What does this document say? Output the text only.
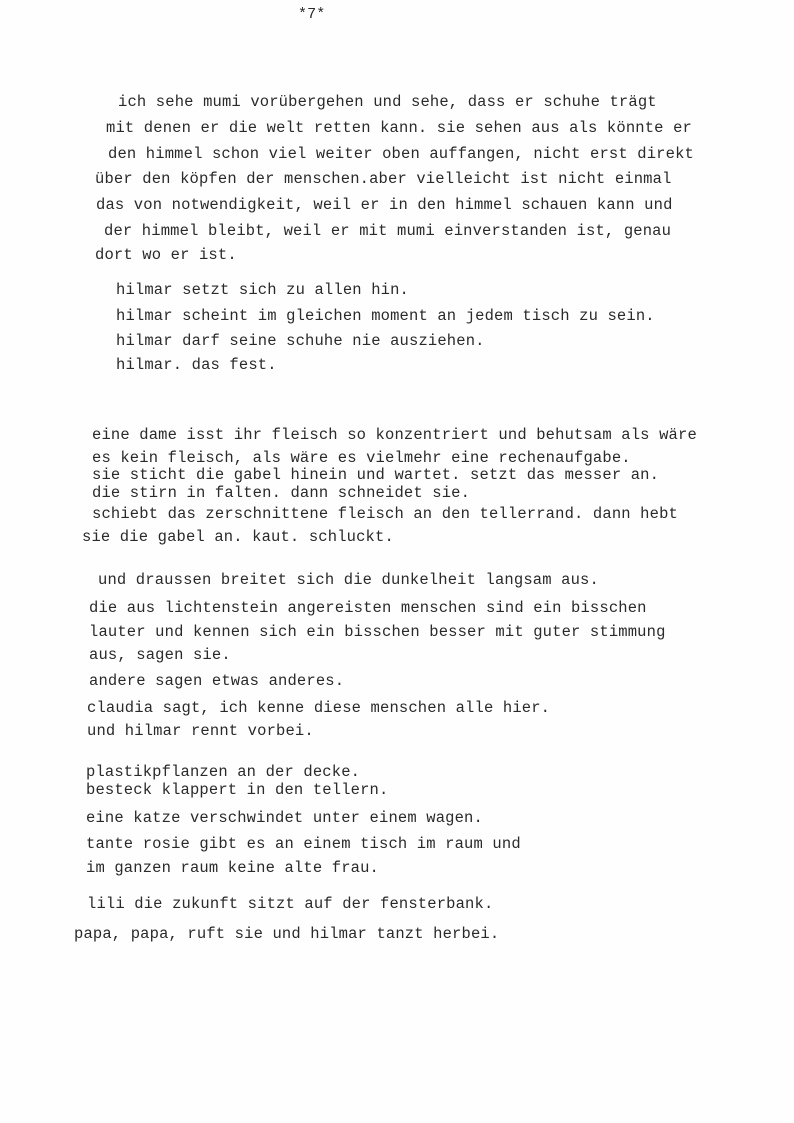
*7*
ich sehe mumi vorübergehen und sehe, dass er schuhe trägt
mit denen er die welt retten kann. sie sehen aus als könnte er
den himmel schon viel weiter oben auffangen, nicht erst direkt
über den köpfen der menschen.aber vielleicht ist nicht einmal
das von notwendigkeit, weil er in den himmel schauen kann und
der himmel bleibt, weil er mit mumi einverstanden ist, genau
dort wo er ist.
hilmar setzt sich zu allen hin.
hilmar scheint im gleichen moment an jedem tisch zu sein.
hilmar darf seine schuhe nie ausziehen.
hilmar. das fest.
eine dame isst ihr fleisch so konzentriert und behutsam als wäre
es kein fleisch, als wäre es vielmehr eine rechenaufgabe.
sie sticht die gabel hinein und wartet. setzt das messer an.
die stirn in falten. dann schneidet sie.
schiebt das zerschnittene fleisch an den tellerrand. dann hebt
sie die gabel an. kaut. schluckt.
und draussen breitet sich die dunkelheit langsam aus.
die aus lichtenstein angereisten menschen sind ein bisschen
lauter und kennen sich ein bisschen besser mit guter stimmung
aus, sagen sie.
andere sagen etwas anderes.
claudia sagt, ich kenne diese menschen alle hier.
und hilmar rennt vorbei.
plastikpflanzen an der decke.
besteck klappert in den tellern.
eine katze verschwindet unter einem wagen.
tante rosie gibt es an einem tisch im raum und
im ganzen raum keine alte frau.
lili die zukunft sitzt auf der fensterbank.
papa, papa, ruft sie und hilmar tanzt herbei.
